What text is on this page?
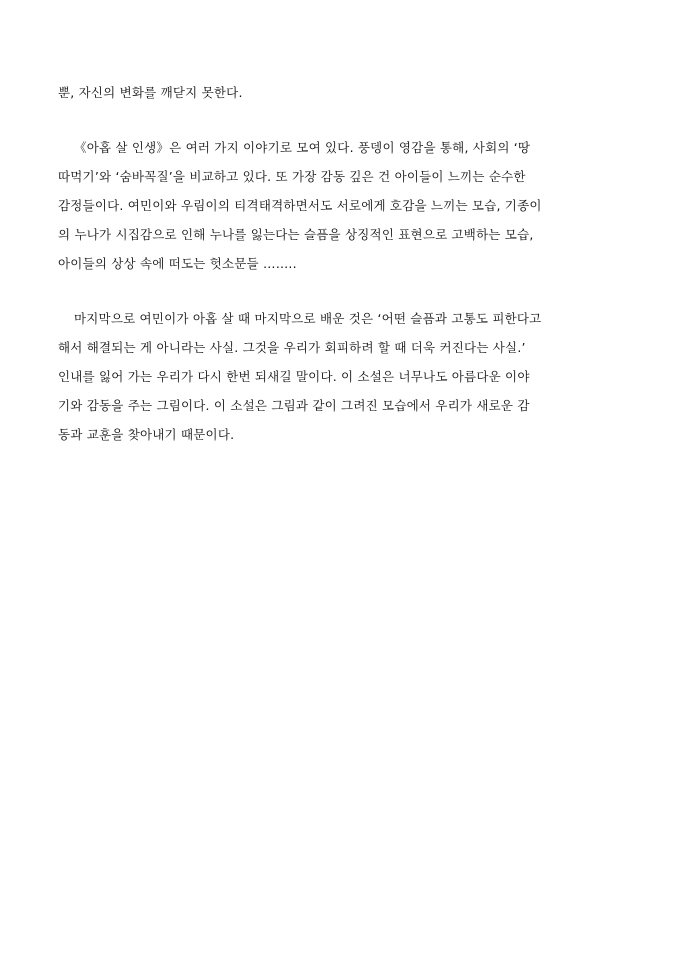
뿐, 자신의 변화를 깨닫지 못한다.

《아홉 살 인생》은 여러 가지 이야기로 모여 있다. 풍뎅이 영감을 통해, 사회의 ‘땅
따먹기’와 ‘숨바꼭질’을 비교하고 있다. 또 가장 감동 깊은 건 아이들이 느끼는 순수한
감정들이다. 여민이와 우림이의 티격태격하면서도 서로에게 호감을 느끼는 모습, 기종이
의 누나가 시집감으로 인해 누나를 잃는다는 슬픔을 상징적인 표현으로 고백하는 모습,
아이들의 상상 속에 떠도는 헛소문들 ……..

마지막으로 여민이가 아홉 살 때 마지막으로 배운 것은 ‘어떤 슬픔과 고통도 피한다고
해서 해결되는 게 아니라는 사실. 그것을 우리가 회피하려 할 때 더욱 커진다는 사실.’
인내를 잃어 가는 우리가 다시 한번 되새길 말이다. 이 소설은 너무나도 아름다운 이야
기와 감동을 주는 그림이다. 이 소설은 그림과 같이 그려진 모습에서 우리가 새로운 감
동과 교훈을 찾아내기 때문이다.
